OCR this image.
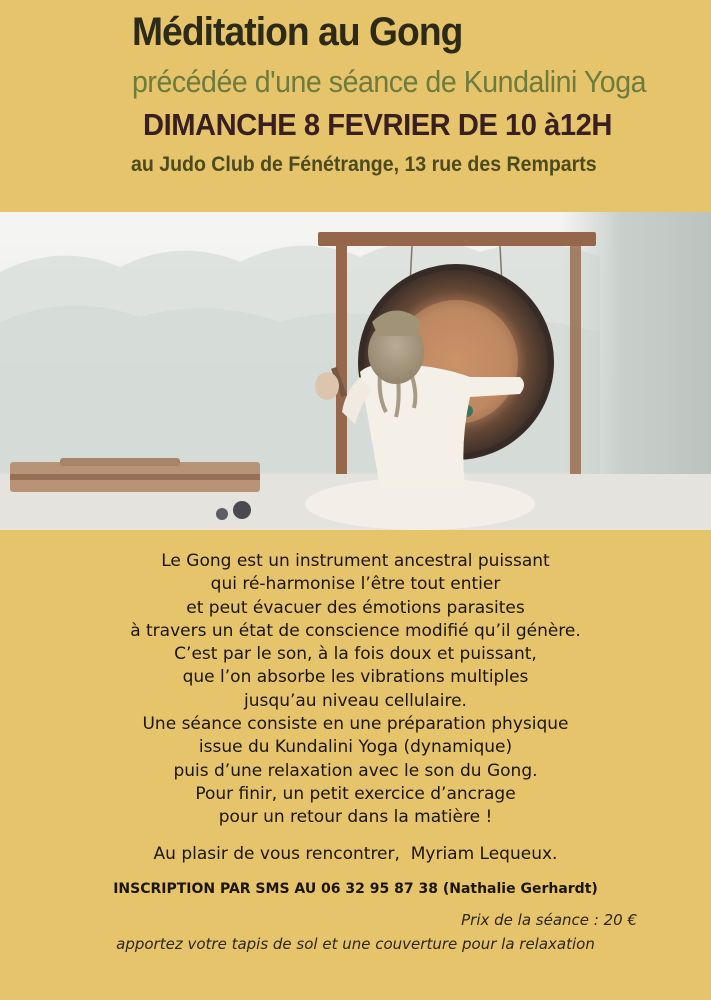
Méditation au Gong
précédée d'une séance de Kundalini Yoga
DIMANCHE 8 FEVRIER DE 10 à12H
au Judo Club de Fénétrange, 13 rue des Remparts
Le Gong est un instrument ancestral puissant
qui ré-harmonise l’être tout entier
et peut évacuer des émotions parasites
à travers un état de conscience modifié qu’il génère.
C’est par le son, à la fois doux et puissant,
que l’on absorbe les vibrations multiples
jusqu’au niveau cellulaire.
Une séance consiste en une préparation physique
issue du Kundalini Yoga (dynamique)
puis d’une relaxation avec le son du Gong.
Pour finir, un petit exercice d’ancrage
pour un retour dans la matière !
Au plasir de vous rencontrer,  Myriam Lequeux.
INSCRIPTION PAR SMS AU 06 32 95 87 38 (Nathalie Gerhardt)
Prix de la séance : 20 €
apportez votre tapis de sol et une couverture pour la relaxation
